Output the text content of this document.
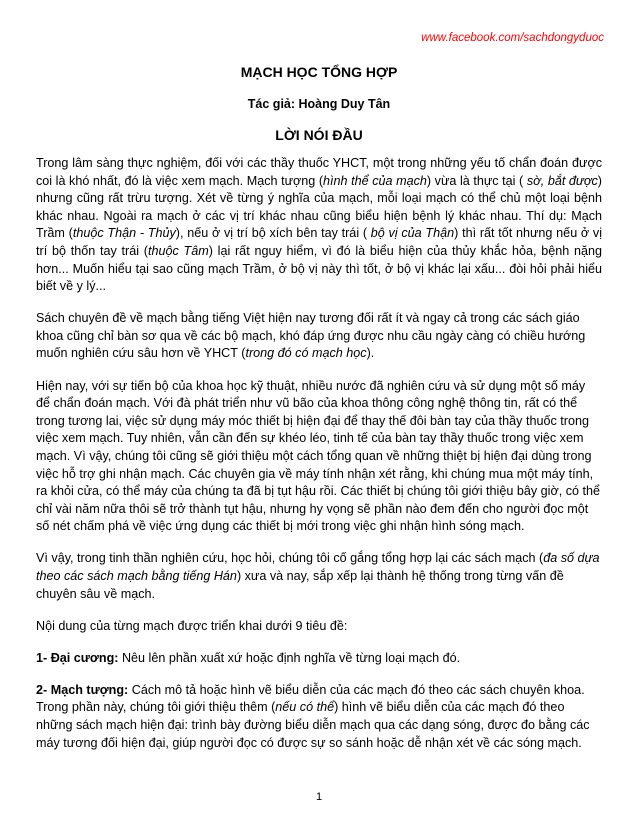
www.facebook.com/sachdongyduoc
MẠCH HỌC TỔNG HỢP
Tác giả: Hoàng Duy Tân
LỜI NÓI ĐẦU

Trong lâm sàng thực nghiệm, đối với các thầy thuốc YHCT, một trong những yếu tố chẩn đoán được coi là khó nhất, đó là việc xem mạch. Mạch tượng (hình thể của mạch) vừa là thực tại ( sờ, bắt được) nhưng cũng rất trừu tượng. Xét về từng ý nghĩa của mạch, mỗi loại mạch có thể chủ một loại bệnh khác nhau. Ngoài ra mạch ở các vị trí khác nhau cũng biểu hiện bệnh lý khác nhau. Thí dụ: Mạch Trầm (thuộc Thận - Thủy), nếu ở vị trí bộ xích bên tay trái ( bộ vị của Thận) thì rất tốt nhưng nếu ở vị trí bộ thốn tay trái (thuộc Tâm) lại rất nguy hiểm, vì đó là biểu hiện của thủy khắc hỏa, bệnh nặng hơn... Muốn hiểu tại sao cũng mạch Trầm, ở bộ vị này thì tốt, ở bộ vị khác lại xấu... đòi hỏi phải hiểu biết về y lý...

Sách chuyên đề về mạch bằng tiếng Việt hiện nay tương đối rất ít và ngay cả trong các sách giáo khoa cũng chỉ bàn sơ qua về các bộ mạch, khó đáp ứng được nhu cầu ngày càng có chiều hướng muốn nghiên cứu sâu hơn về YHCT (trong đó có mạch học).

Hiện nay, với sự tiến bộ của khoa học kỹ thuật, nhiều nước đã nghiên cứu và sử dụng một số máy để chẩn đoán mạch. Với đà phát triển như vũ bão của khoa thông công nghệ thông tin, rất có thể trong tương lai, việc sử dụng máy móc thiết bị hiện đại để thay thế đôi bàn tay của thầy thuốc trong việc xem mạch. Tuy nhiên, vẫn cần đến sự khéo léo, tinh tế của bàn tay thầy thuốc trong việc xem mạch. Vì vậy, chúng tôi cũng sẽ giới thiệu một cách tổng quan về những thiệt bị hiện đại dùng trong việc hỗ trợ ghi nhận mạch. Các chuyên gia về máy tính nhận xét rằng, khi chúng mua một máy tính, ra khỏi cửa, có thể máy của chúng ta đã bị tụt hậu rồi. Các thiết bị chúng tôi giới thiệu bây giờ, có thể chỉ vài năm nữa thôi sẽ trở thành tụt hậu, nhưng hy vọng sẽ phần nào đem đến cho người đọc một số nét chấm phá về việc ứng dụng các thiết bị mới trong việc ghi nhận hình sóng mạch.

Vì vậy, trong tinh thần nghiên cứu, học hỏi, chúng tôi cố gắng tổng hợp lại các sách mạch (đa số dựa theo các sách mạch bằng tiếng Hán) xưa và nay, sắp xếp lại thành hệ thống trong từng vấn đề chuyên sâu về mạch.

Nội dung của từng mạch được triển khai dưới 9 tiêu đề:

1- Đại cương: Nêu lên phần xuất xứ hoặc định nghĩa về từng loại mạch đó.

2- Mạch tượng: Cách mô tả hoặc hình vẽ biểu diễn của các mạch đó theo các sách chuyên khoa. Trong phần này, chúng tôi giới thiệu thêm (nếu có thể) hình vẽ biểu diễn của các mạch đó theo những sách mạch hiện đại: trình bày đường biểu diễn mạch qua các dạng sóng, được đo bằng các máy tương đối hiện đại, giúp người đọc có được sự so sánh hoặc dễ nhận xét về các sóng mạch.

1
